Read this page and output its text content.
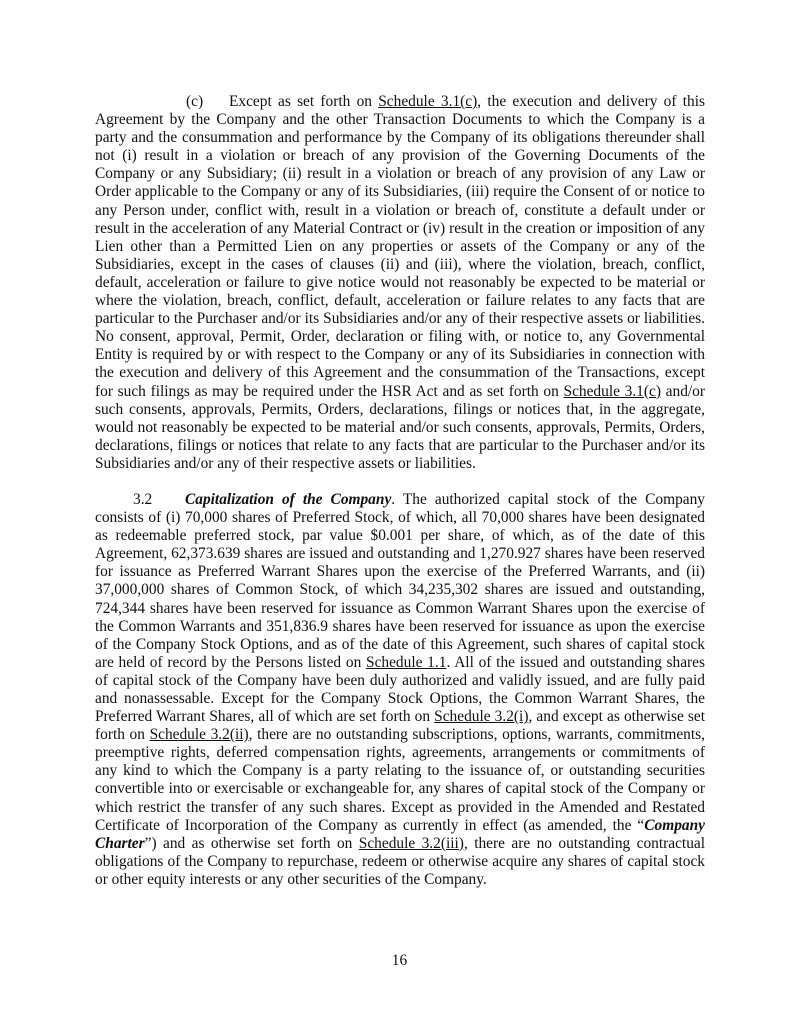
(c) Except as set forth on Schedule 3.1(c), the execution and delivery of this Agreement by the Company and the other Transaction Documents to which the Company is a party and the consummation and performance by the Company of its obligations thereunder shall not (i) result in a violation or breach of any provision of the Governing Documents of the Company or any Subsidiary; (ii) result in a violation or breach of any provision of any Law or Order applicable to the Company or any of its Subsidiaries, (iii) require the Consent of or notice to any Person under, conflict with, result in a violation or breach of, constitute a default under or result in the acceleration of any Material Contract or (iv) result in the creation or imposition of any Lien other than a Permitted Lien on any properties or assets of the Company or any of the Subsidiaries, except in the cases of clauses (ii) and (iii), where the violation, breach, conflict, default, acceleration or failure to give notice would not reasonably be expected to be material or where the violation, breach, conflict, default, acceleration or failure relates to any facts that are particular to the Purchaser and/or its Subsidiaries and/or any of their respective assets or liabilities. No consent, approval, Permit, Order, declaration or filing with, or notice to, any Governmental Entity is required by or with respect to the Company or any of its Subsidiaries in connection with the execution and delivery of this Agreement and the consummation of the Transactions, except for such filings as may be required under the HSR Act and as set forth on Schedule 3.1(c) and/or such consents, approvals, Permits, Orders, declarations, filings or notices that, in the aggregate, would not reasonably be expected to be material and/or such consents, approvals, Permits, Orders, declarations, filings or notices that relate to any facts that are particular to the Purchaser and/or its Subsidiaries and/or any of their respective assets or liabilities.

3.2 Capitalization of the Company. The authorized capital stock of the Company consists of (i) 70,000 shares of Preferred Stock, of which, all 70,000 shares have been designated as redeemable preferred stock, par value $0.001 per share, of which, as of the date of this Agreement, 62,373.639 shares are issued and outstanding and 1,270.927 shares have been reserved for issuance as Preferred Warrant Shares upon the exercise of the Preferred Warrants, and (ii) 37,000,000 shares of Common Stock, of which 34,235,302 shares are issued and outstanding, 724,344 shares have been reserved for issuance as Common Warrant Shares upon the exercise of the Common Warrants and 351,836.9 shares have been reserved for issuance as upon the exercise of the Company Stock Options, and as of the date of this Agreement, such shares of capital stock are held of record by the Persons listed on Schedule 1.1. All of the issued and outstanding shares of capital stock of the Company have been duly authorized and validly issued, and are fully paid and nonassessable. Except for the Company Stock Options, the Common Warrant Shares, the Preferred Warrant Shares, all of which are set forth on Schedule 3.2(i), and except as otherwise set forth on Schedule 3.2(ii), there are no outstanding subscriptions, options, warrants, commitments, preemptive rights, deferred compensation rights, agreements, arrangements or commitments of any kind to which the Company is a party relating to the issuance of, or outstanding securities convertible into or exercisable or exchangeable for, any shares of capital stock of the Company or which restrict the transfer of any such shares. Except as provided in the Amended and Restated Certificate of Incorporation of the Company as currently in effect (as amended, the “Company Charter”) and as otherwise set forth on Schedule 3.2(iii), there are no outstanding contractual obligations of the Company to repurchase, redeem or otherwise acquire any shares of capital stock or other equity interests or any other securities of the Company.

16
